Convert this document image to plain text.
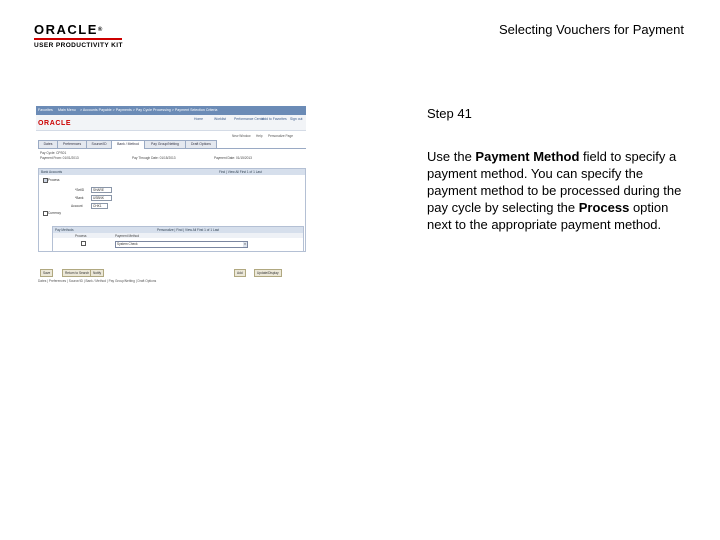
ORACLE®
USER PRODUCTIVITY KIT
Selecting Vouchers for Payment
Favorites Main Menu > Accounts Payable > Payments > Pay Cycle Processing > Payment Selection Criteria
ORACLE
Home	Worklist Performance Center
Add to Favorites Sign out
New Window Help Personalize Page
Dates	Preferences	Source/ID	Bank / Method	Pay Group/Netting	Draft Options
Pay Cycle: CPS01
Payment From: 01/01/2013	Pay Through Date: 01/15/2013	Payment Date: 01/15/2013
Bank Accounts	Find | View All First 1 of 1 Last
Process
*SetID	SHARE
*Bank	USBNK
Account	CHK1
Currency
Pay Methods	Personalize | Find | View All First 1 of 1 Last
Process	Payment Method
System Check	▾
Save	Return to Search	Notify	Add	Update/Display
Dates | Preferences | Source/ID | Bank / Method | Pay Group/Netting | Draft Options
Step 41
Use the Payment Method field to specify a payment method. You can specify the payment method to be processed during the pay cycle by selecting the Process option next to the appropriate payment method.
